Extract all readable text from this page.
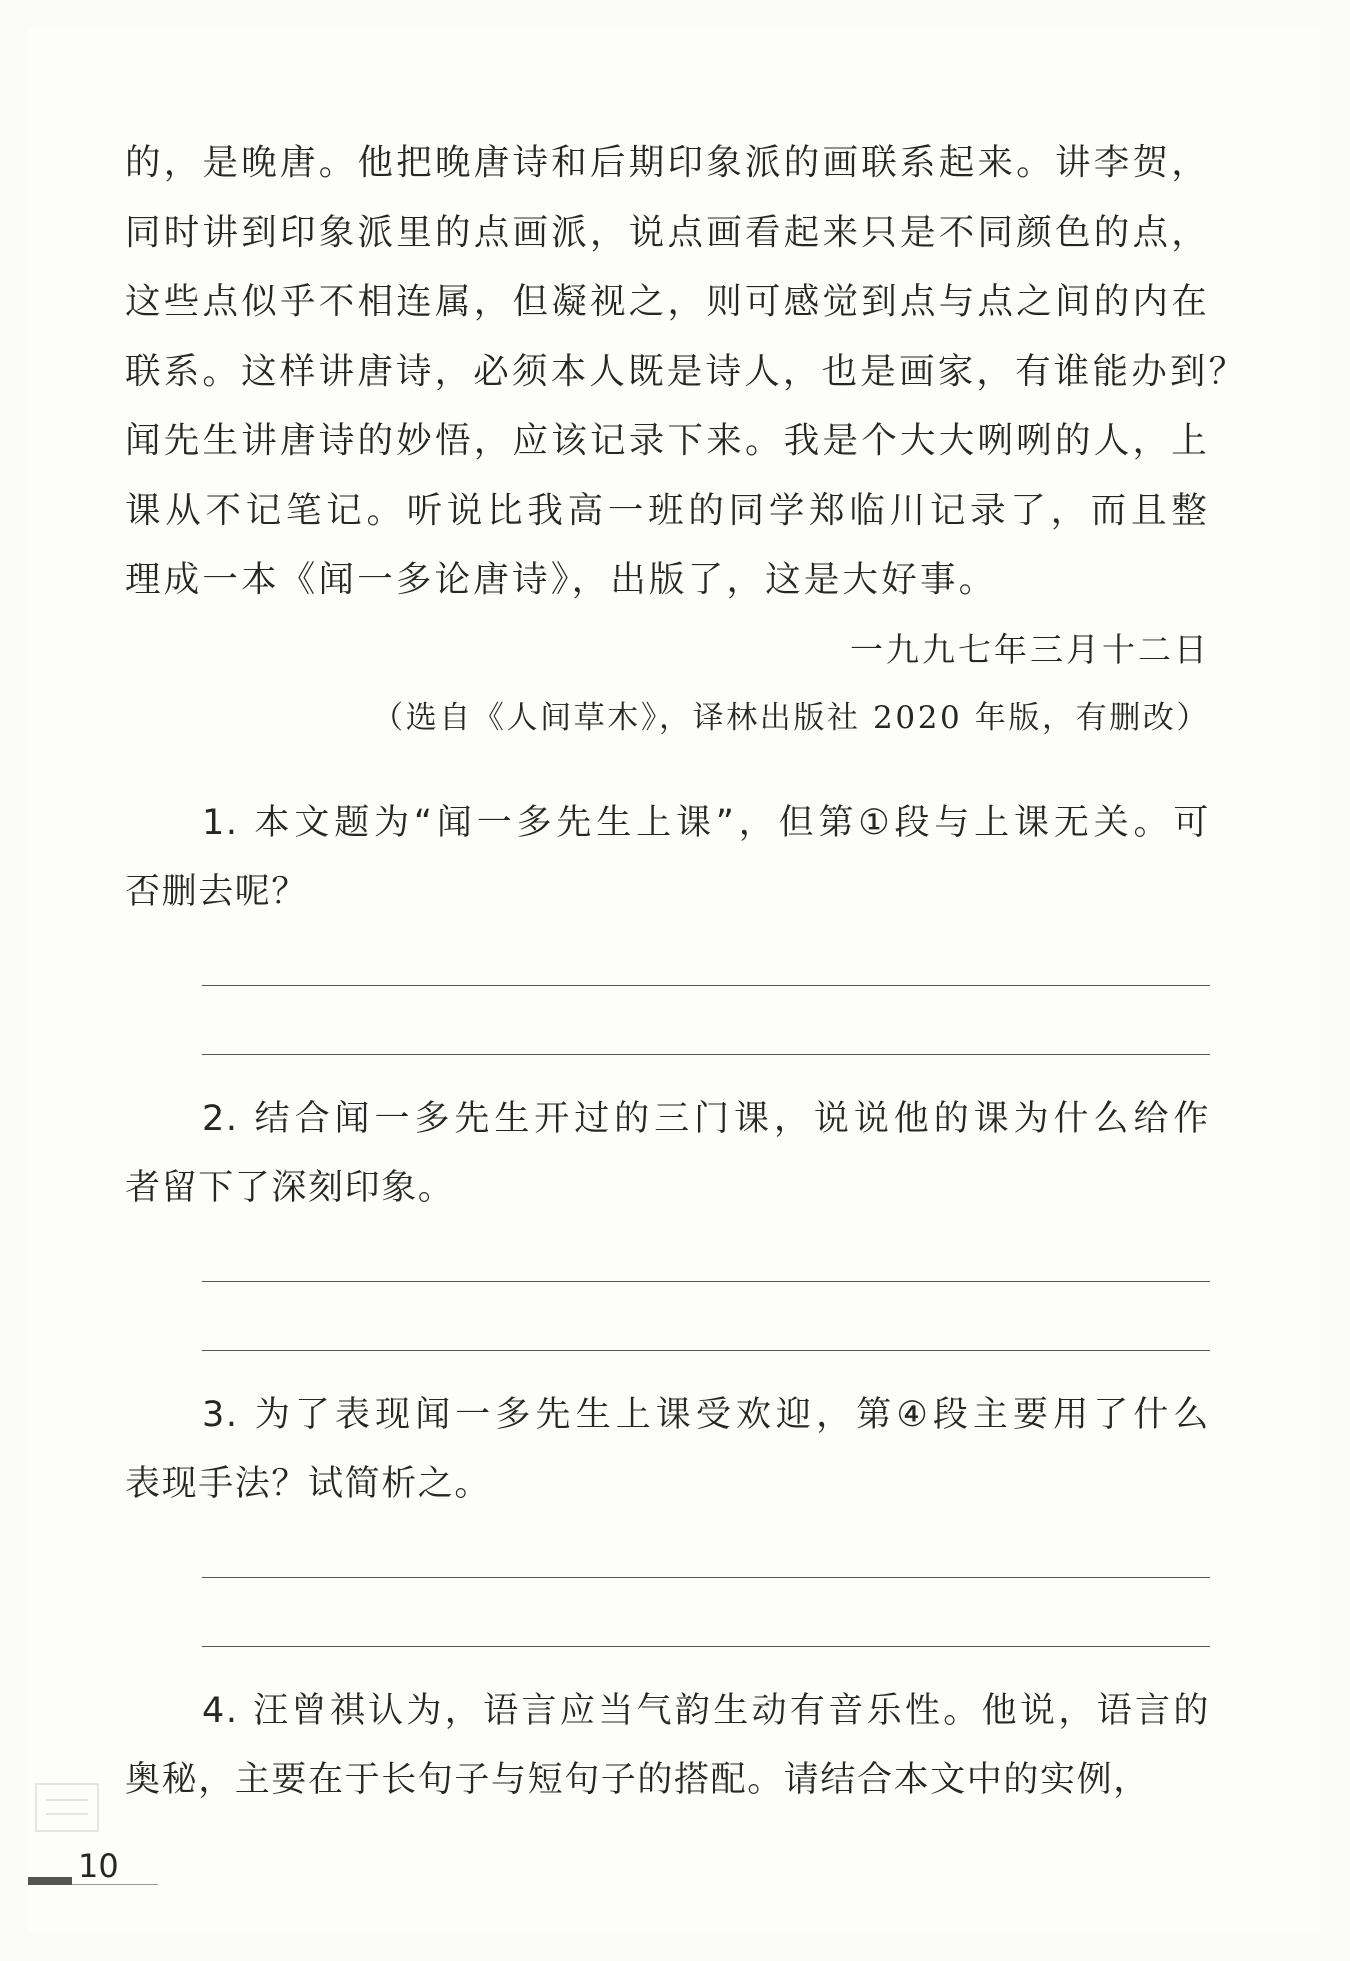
的，是晚唐。他把晚唐诗和后期印象派的画联系起来。讲李贺，
同时讲到印象派里的点画派，说点画看起来只是不同颜色的点，
这些点似乎不相连属，但凝视之，则可感觉到点与点之间的内在
联系。这样讲唐诗，必须本人既是诗人，也是画家，有谁能办到？
闻先生讲唐诗的妙悟，应该记录下来。我是个大大咧咧的人，上
课从不记笔记。听说比我高一班的同学郑临川记录了，而且整
理成一本《闻一多论唐诗》，出版了，这是大好事。

一九九七年三月十二日

（选自《人间草木》，译林出版社 2020 年版，有删改）

1. 本文题为“闻一多先生上课”，但第①段与上课无关。可
否删去呢？

2. 结合闻一多先生开过的三门课，说说他的课为什么给作
者留下了深刻印象。

3. 为了表现闻一多先生上课受欢迎，第④段主要用了什么
表现手法？试简析之。

4. 汪曾祺认为，语言应当气韵生动有音乐性。他说，语言的
奥秘，主要在于长句子与短句子的搭配。请结合本文中的实例，

10
